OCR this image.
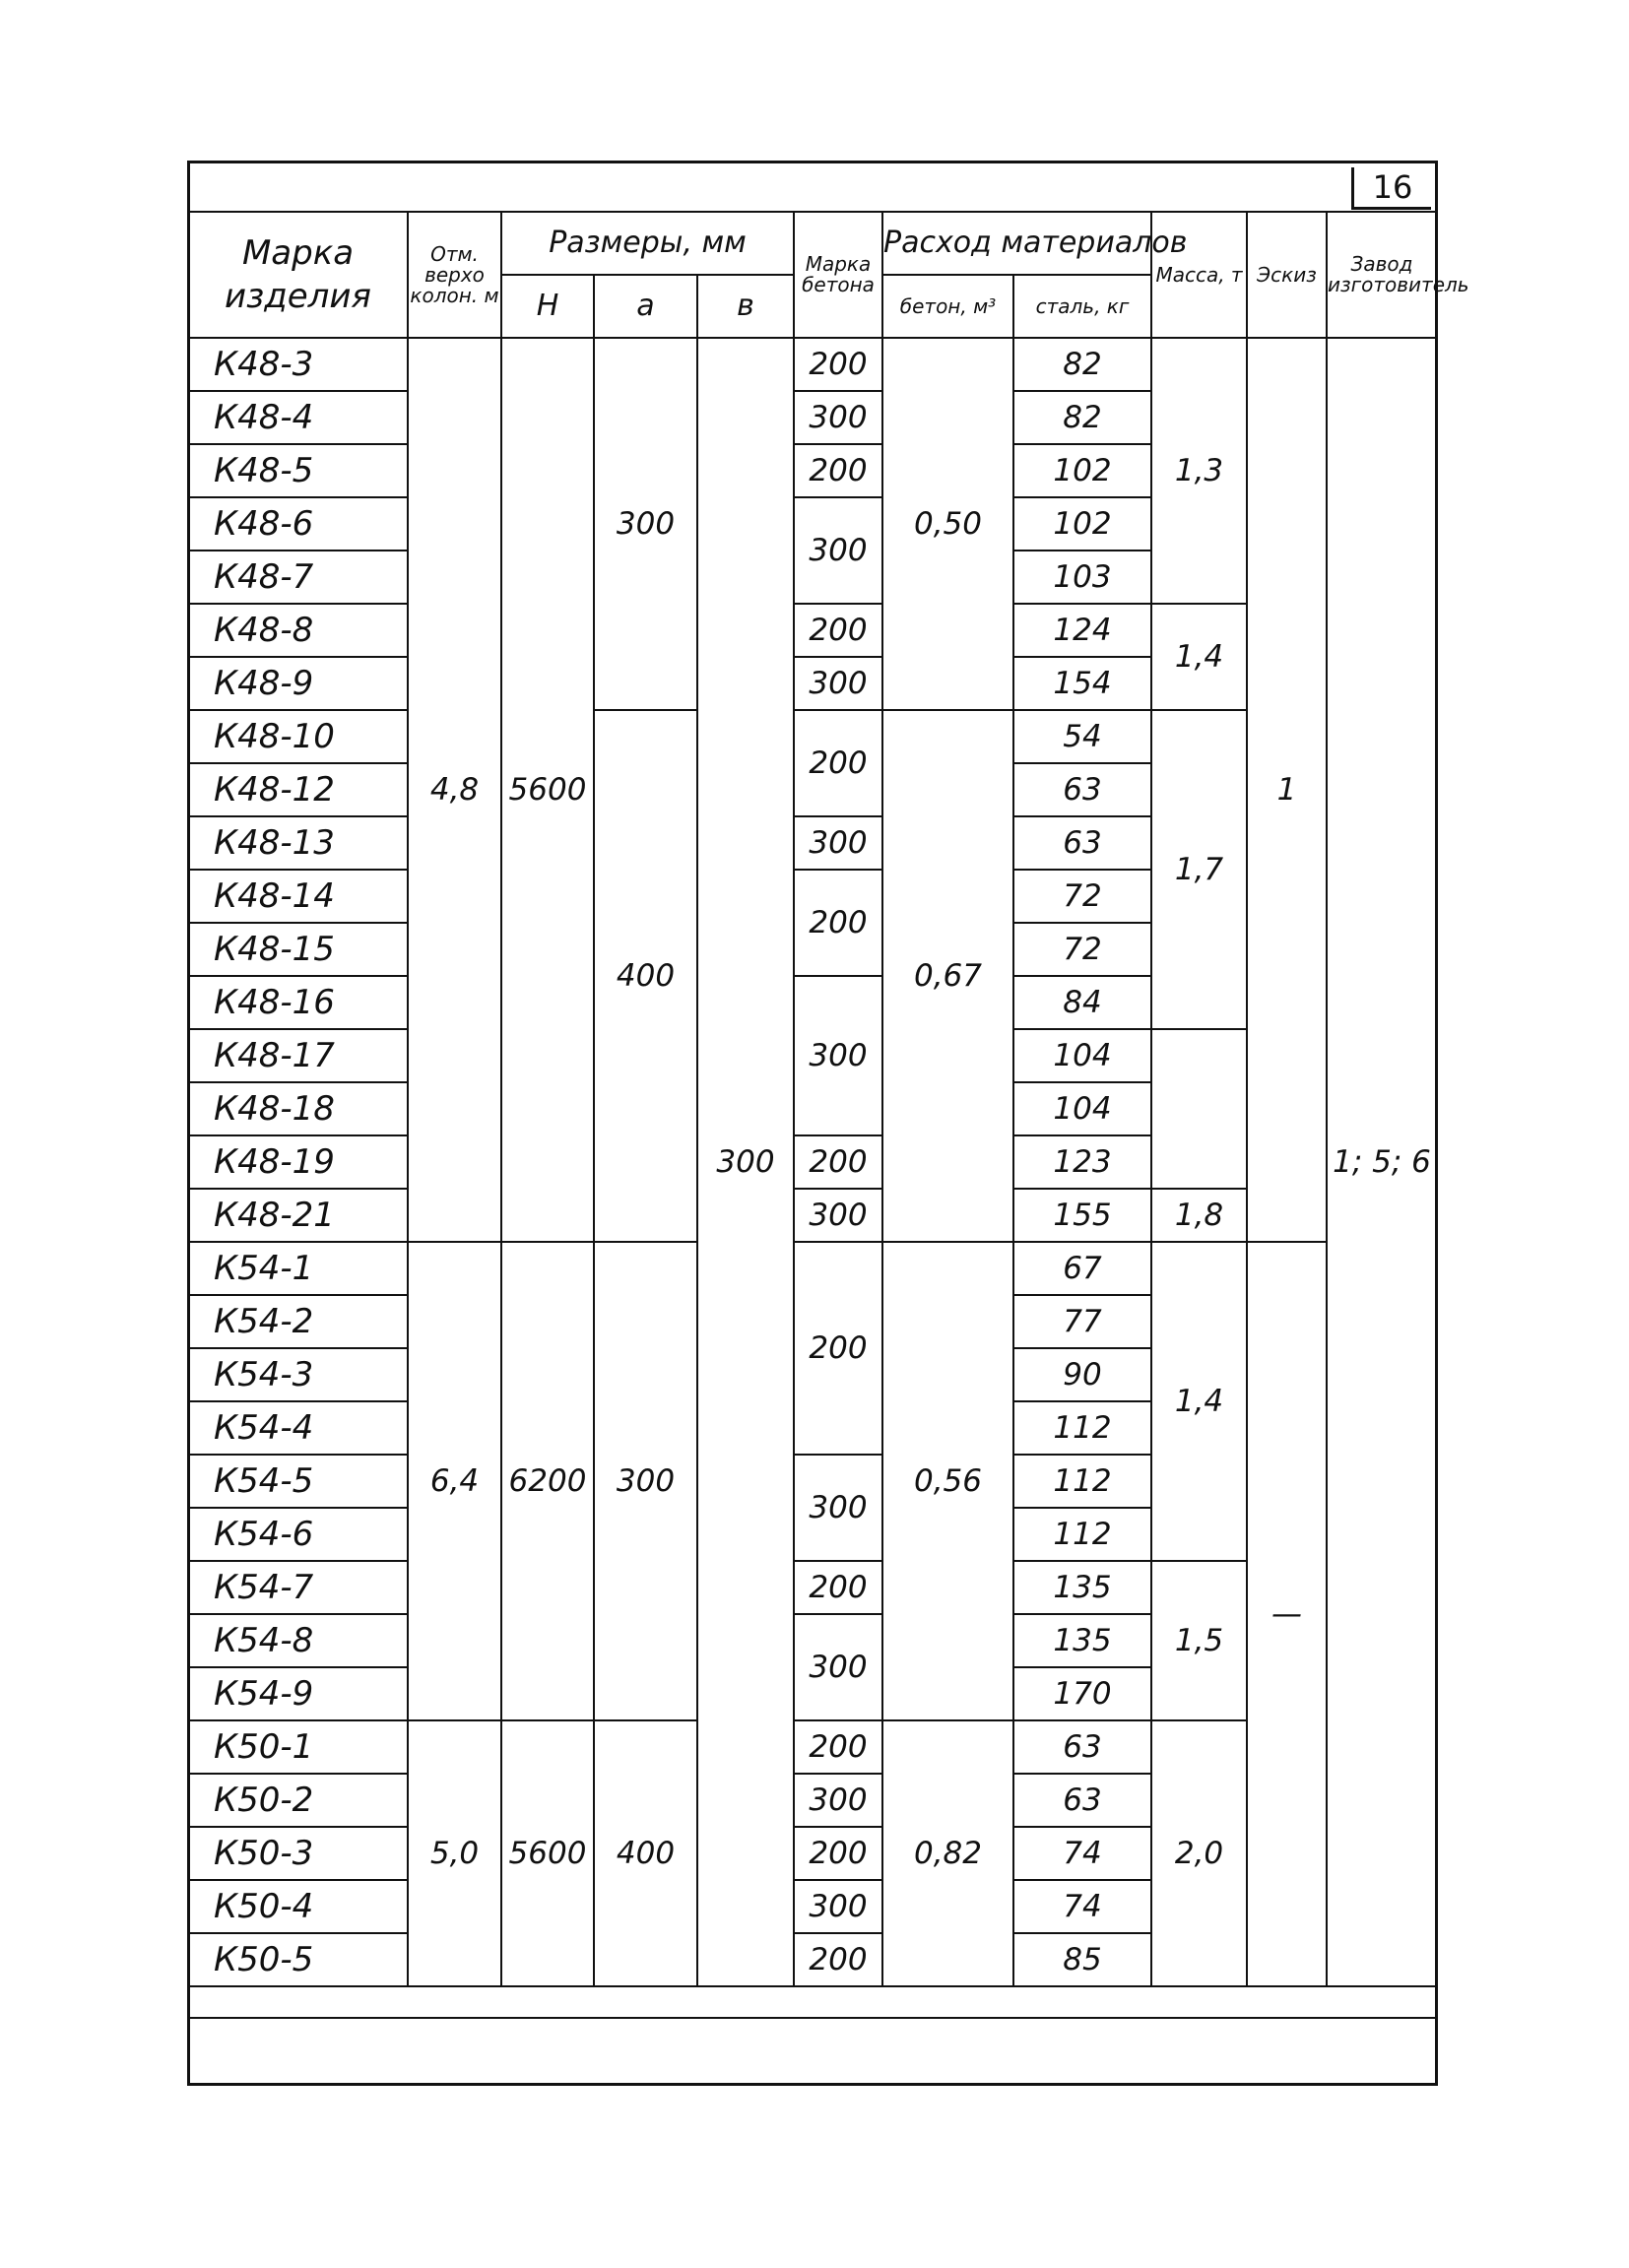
16
Марка изделия	Отм. верхо колон. м	Размеры, мм			Марка бетона	Расход материалов		Масса, т	Эскиз	Завод изготовитель
		Н	а	в		бетон, м³	сталь, кг			
К48-3	4,8	5600	300	300	200	0,50	82	1,3	1	1; 5; 6
К48-4					300		82			
К48-5					200		102			
К48-6					300		102			
К48-7							103			
К48-8					200		124	1,4		
К48-9					300		154			
К48-10			400		200	0,67	54	1,7		
К48-12							63			
К48-13					300		63			
К48-14					200		72			
К48-15							72			
К48-16					300		84			
К48-17							104			
К48-18							104			
К48-19					200		123			
К48-21					300		155	1,8		
К54-1	6,4	6200	300		200	0,56	67	1,4	—	
К54-2							77			
К54-3							90			
К54-4							112			
К54-5					300		112			
К54-6							112			
К54-7					200		135	1,5		
К54-8					300		135			
К54-9							170			
К50-1	5,0	5600	400		200	0,82	63	2,0		
К50-2					300		63			
К50-3					200		74			
К50-4					300		74			
К50-5					200		85			
